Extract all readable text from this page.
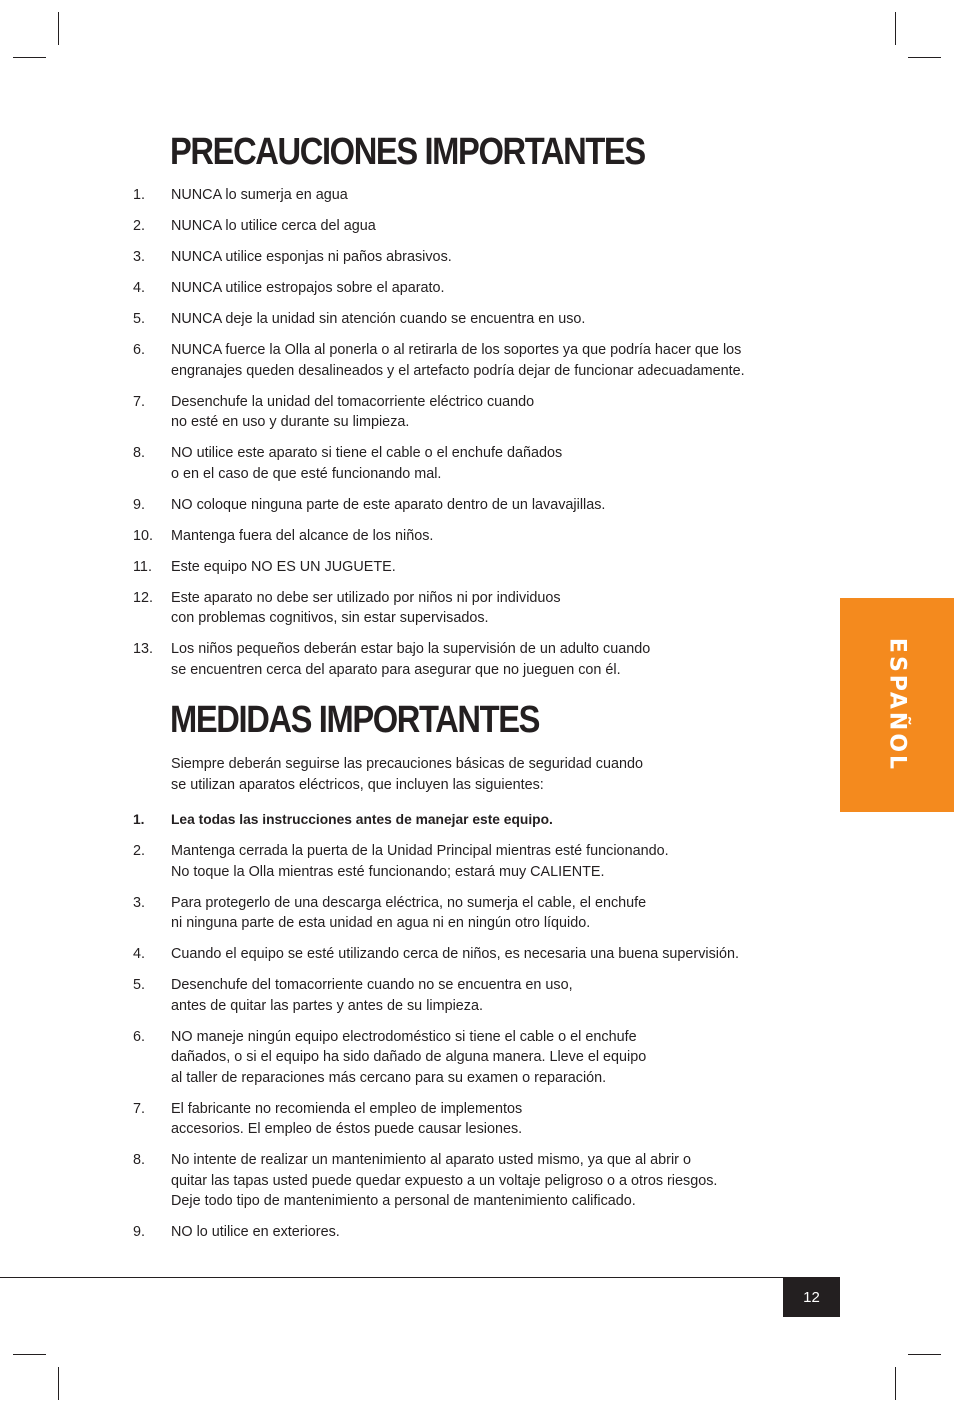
PRECAUCIONES IMPORTANTES
1.	NUNCA lo sumerja en agua
2.	NUNCA lo utilice cerca del agua
3.	NUNCA utilice esponjas ni paños abrasivos.
4.	NUNCA utilice estropajos sobre el aparato.
5.	NUNCA deje la unidad sin atención cuando se encuentra en uso.
6.	NUNCA fuerce la Olla al ponerla o al retirarla de los soportes ya que podría hacer que los
engranajes queden desalineados y el artefacto podría dejar de funcionar adecuadamente.
7.	Desenchufe la unidad del tomacorriente eléctrico cuando
no esté en uso y durante su limpieza.
8.	NO utilice este aparato si tiene el cable o el enchufe dañados
o en el caso de que esté funcionando mal.
9.	NO coloque ninguna parte de este aparato dentro de un lavavajillas.
10.	Mantenga fuera del alcance de los niños.
11.	Este equipo NO ES UN JUGUETE.
12.	Este aparato no debe ser utilizado por niños ni por individuos
con problemas cognitivos, sin estar supervisados.
13.	Los niños pequeños deberán estar bajo la supervisión de un adulto cuando
se encuentren cerca del aparato para asegurar que no jueguen con él.
MEDIDAS IMPORTANTES
Siempre deberán seguirse las precauciones básicas de seguridad cuando
se utilizan aparatos eléctricos, que incluyen las siguientes:
1.	Lea todas las instrucciones antes de manejar este equipo.
2.	Mantenga cerrada la puerta de la Unidad Principal mientras esté funcionando.
No toque la Olla mientras esté funcionando; estará muy CALIENTE.
3.	Para protegerlo de una descarga eléctrica, no sumerja el cable, el enchufe
ni ninguna parte de esta unidad en agua ni en ningún otro líquido.
4.	Cuando el equipo se esté utilizando cerca de niños, es necesaria una buena supervisión.
5.	Desenchufe del tomacorriente cuando no se encuentra en uso,
antes de quitar las partes y antes de su limpieza.
6.	NO maneje ningún equipo electrodoméstico si tiene el cable o el enchufe
dañados, o si el equipo ha sido dañado de alguna manera. Lleve el equipo
al taller de reparaciones más cercano para su examen o reparación.
7.	El fabricante no recomienda el empleo de implementos
accesorios. El empleo de éstos puede causar lesiones.
8.	No intente de realizar un mantenimiento al aparato usted mismo, ya que al abrir o
quitar las tapas usted puede quedar expuesto a un voltaje peligroso o a otros riesgos.
Deje todo tipo de mantenimiento a personal de mantenimiento calificado.
9.	NO lo utilice en exteriores.
ESPAÑOL
12
